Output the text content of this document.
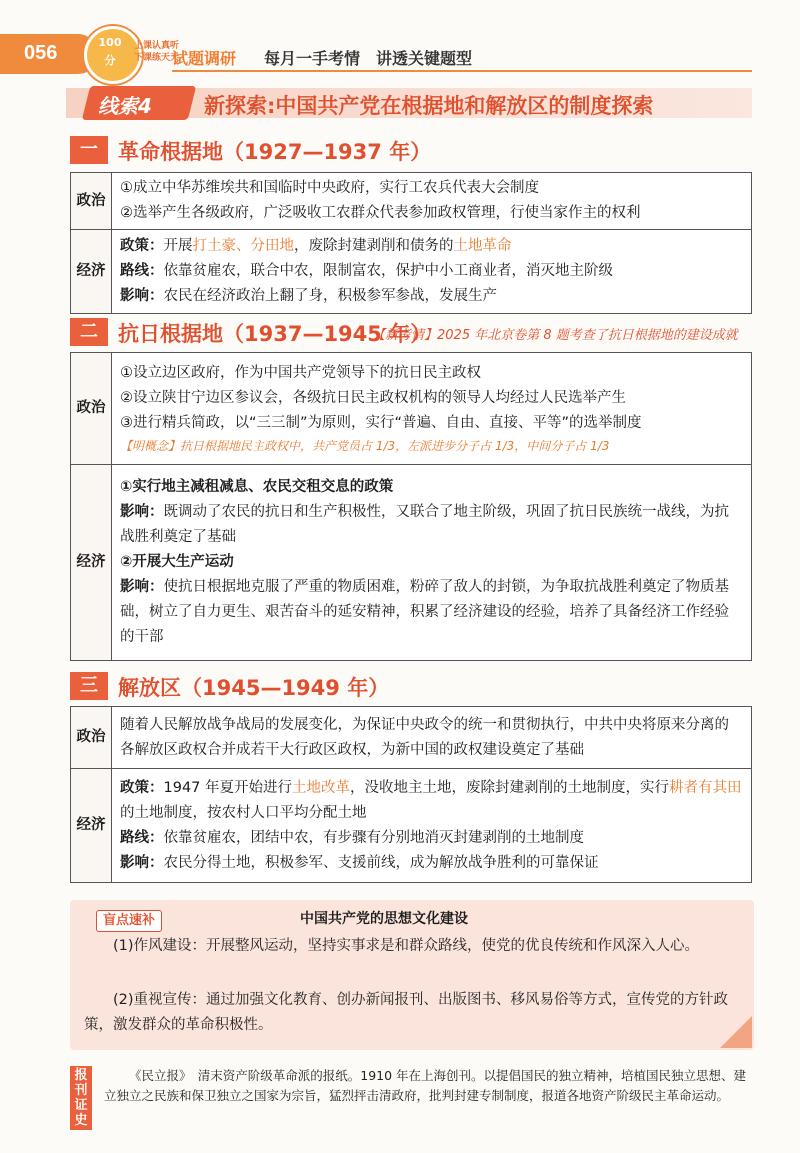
056	100
分
上课认真听
下课练天天
试题调研 每月一手考情　讲透关键题型
线索4 新探索:中国共产党在根据地和解放区的制度探索
一 革命根据地（1927—1937 年）
政治	①成立中华苏维埃共和国临时中央政府，实行工农兵代表大会制度
②选举产生各级政府，广泛吸收工农群众代表参加政权管理，行使当家作主的权利

经济	政策：开展打土豪、分田地，废除封建剥削和债务的土地革命
路线：依靠贫雇农，联合中农，限制富农，保护中小工商业者，消灭地主阶级
影响：农民在经济政治上翻了身，积极参军参战，发展生产
二 抗日根据地（1937—1945 年）
【新考情】2025 年北京卷第 8 题考查了抗日根据地的建设成就
政治	①设立边区政府，作为中国共产党领导下的抗日民主政权
②设立陕甘宁边区参议会，各级抗日民主政权机构的领导人均经过人民选举产生
③进行精兵简政，以“三三制”为原则，实行“普遍、自由、直接、平等”的选举制度
【明概念】抗日根据地民主政权中，共产党员占 1/3，左派进步分子占 1/3，中间分子占 1/3

经济	①实行地主减租减息、农民交租交息的政策
影响：既调动了农民的抗日和生产积极性，又联合了地主阶级，巩固了抗日民族统一战线，为抗战胜利奠定了基础
②开展大生产运动
影响：使抗日根据地克服了严重的物质困难，粉碎了敌人的封锁，为争取抗战胜利奠定了物质基础，树立了自力更生、艰苦奋斗的延安精神，积累了经济建设的经验，培养了具备经济工作经验的干部
三 解放区（1945—1949 年）
政治	随着人民解放战争战局的发展变化，为保证中央政令的统一和贯彻执行，中共中央将原来分离的各解放区政权合并成若干大行政区政权，为新中国的政权建设奠定了基础

经济	政策：1947 年夏开始进行土地改革，没收地主土地，废除封建剥削的土地制度，实行耕者有其田的土地制度，按农村人口平均分配土地
路线：依靠贫雇农，团结中农，有步骤有分别地消灭封建剥削的土地制度
影响：农民分得土地，积极参军、支援前线，成为解放战争胜利的可靠保证
盲点速补	中国共产党的思想文化建设
(1)作风建设：开展整风运动，坚持实事求是和群众路线，使党的优良传统和作风深入人心。
(2)重视宣传：通过加强文化教育、创办新闻报刊、出版图书、移风易俗等方式，宣传党的方针政策，激发群众的革命积极性。
报
刊
证
史
《民立报》　清末资产阶级革命派的报纸。1910 年在上海创刊。以提倡国民的独立精神，培植国民独立思想、建立独立之民族和保卫独立之国家为宗旨，猛烈抨击清政府，批判封建专制制度，报道各地资产阶级民主革命运动。
